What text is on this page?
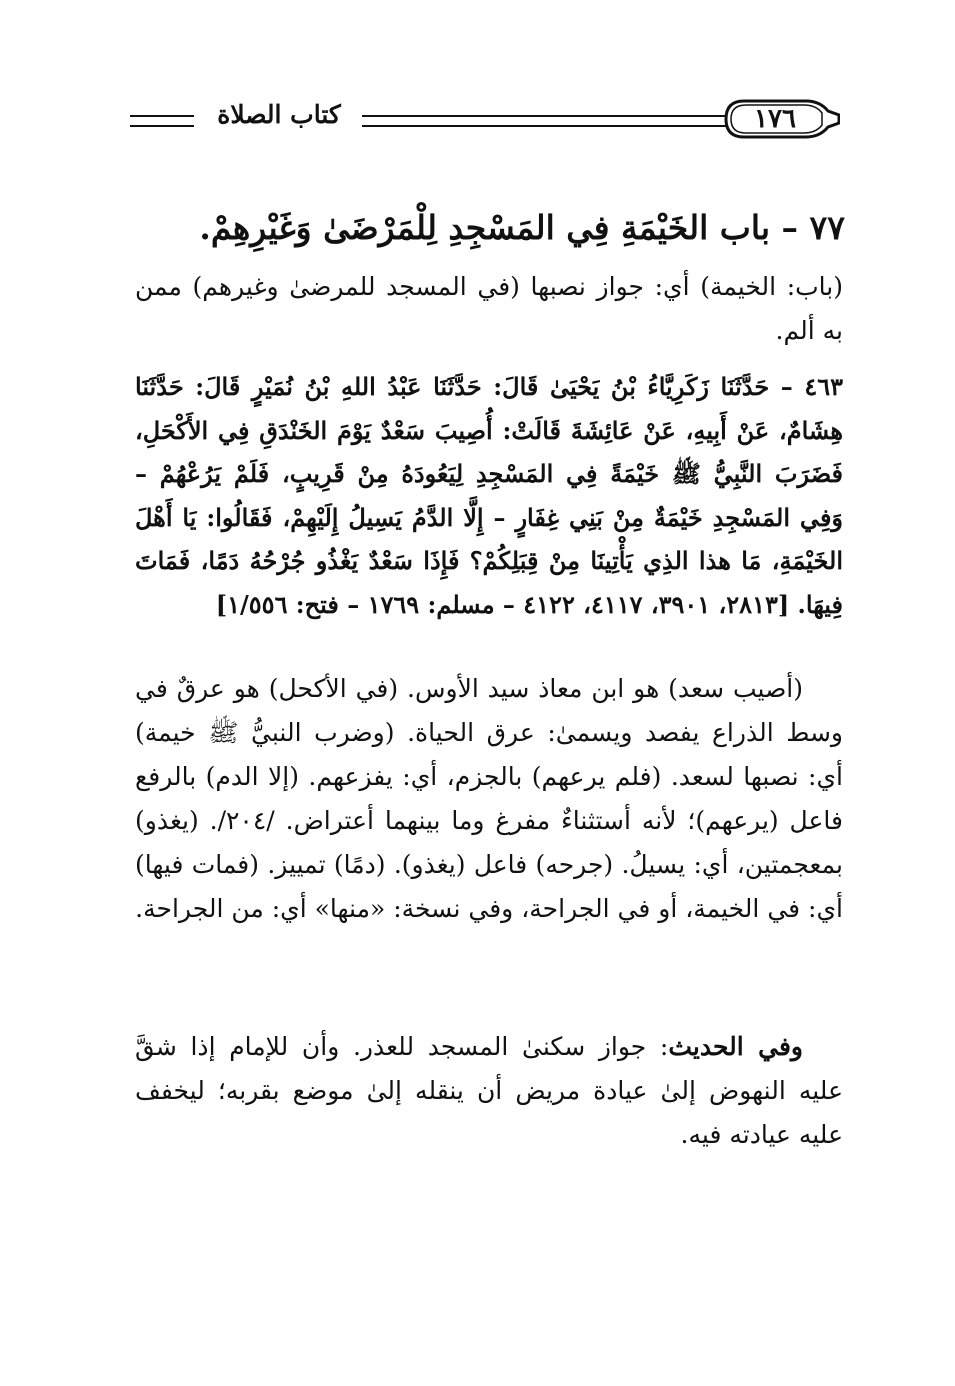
كتاب الصلاة	١٧٦
٧٧ – باب الخَيْمَةِ فِي المَسْجِدِ لِلْمَرْضَىٰ وَغَيْرِهِمْ.
(باب: الخيمة) أي: جواز نصبها (في المسجد للمرضىٰ وغيرهم) ممن به ألم.
٤٦٣ – حَدَّثَنَا زَكَرِيَّاءُ بْنُ يَحْيَىٰ قَالَ: حَدَّثَنَا عَبْدُ اللهِ بْنُ نُمَيْرٍ قَالَ: حَدَّثَنَا هِشَامٌ، عَنْ أَبِيهِ، عَنْ عَائِشَةَ قَالَتْ: أُصِيبَ سَعْدٌ يَوْمَ الخَنْدَقِ فِي الأَكْحَلِ، فَضَرَبَ النَّبِيُّ ﷺ خَيْمَةً فِي المَسْجِدِ لِيَعُودَهُ مِنْ قَرِيبٍ، فَلَمْ يَرُعْهُمْ – وَفِي المَسْجِدِ خَيْمَةٌ مِنْ بَنِي غِفَارٍ – إِلَّا الدَّمُ يَسِيلُ إِلَيْهِمْ، فَقَالُوا: يَا أَهْلَ الخَيْمَةِ، مَا هذا الذِي يَأْتِينَا مِنْ قِبَلِكُمْ؟ فَإِذَا سَعْدٌ يَغْذُو جُرْحُهُ دَمًا، فَمَاتَ فِيهَا. [٢٨١٣، ٣٩٠١، ٤١١٧، ٤١٢٢ – مسلم: ١٧٦٩ – فتح: ١/٥٥٦]
(أصيب سعد) هو ابن معاذ سيد الأوس. (في الأكحل) هو عرقٌ في وسط الذراع يفصد ويسمىٰ: عرق الحياة. (وضرب النبيُّ ﷺ خيمة) أي: نصبها لسعد. (فلم يرعهم) بالجزم، أي: يفزعهم. (إلا الدم) بالرفع فاعل (يرعهم)؛ لأنه أستثناءٌ مفرغ وما بينهما أعتراض. /٢٠٤/. (يغذو) بمعجمتين، أي: يسيلُ. (جرحه) فاعل (يغذو). (دمًا) تمييز. (فمات فيها) أي: في الخيمة، أو في الجراحة، وفي نسخة: «منها» أي: من الجراحة.
وفي الحديث: جواز سكنىٰ المسجد للعذر. وأن للإمام إذا شقَّ عليه النهوض إلىٰ عيادة مريض أن ينقله إلىٰ موضع بقربه؛ ليخفف عليه عيادته فيه.
